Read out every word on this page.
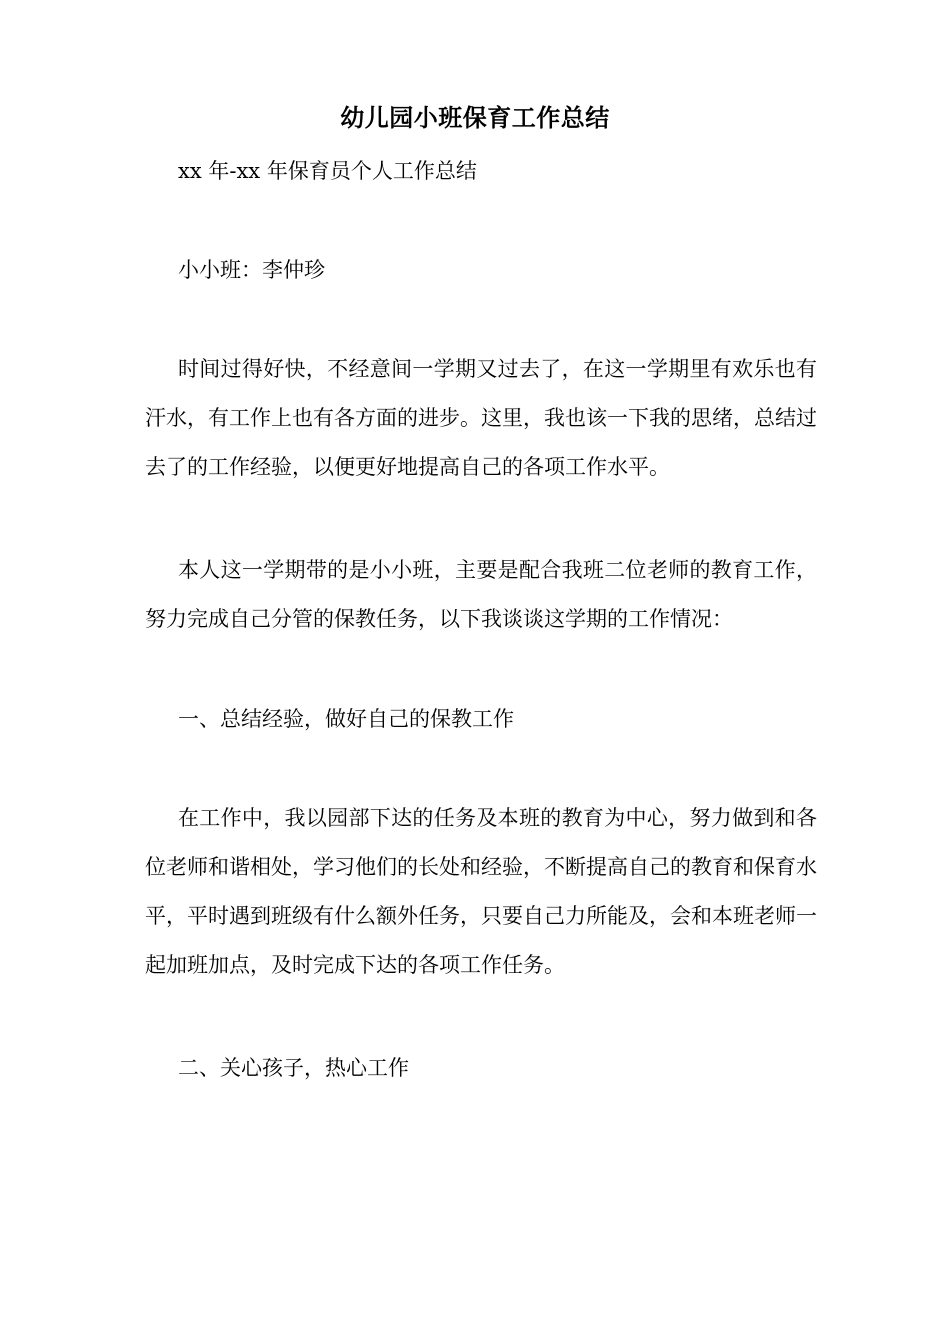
幼儿园小班保育工作总结
xx 年-xx 年保育员个人工作总结
小小班：李仲珍
时间过得好快，不经意间一学期又过去了，在这一学期里有欢乐也有汗水，有工作上也有各方面的进步。这里，我也该一下我的思绪，总结过去了的工作经验，以便更好地提高自己的各项工作水平。
本人这一学期带的是小小班，主要是配合我班二位老师的教育工作，努力完成自己分管的保教任务，以下我谈谈这学期的工作情况：
一、总结经验，做好自己的保教工作
在工作中，我以园部下达的任务及本班的教育为中心，努力做到和各位老师和谐相处，学习他们的长处和经验，不断提高自己的教育和保育水平，平时遇到班级有什么额外任务，只要自己力所能及，会和本班老师一起加班加点，及时完成下达的各项工作任务。
二、关心孩子，热心工作
